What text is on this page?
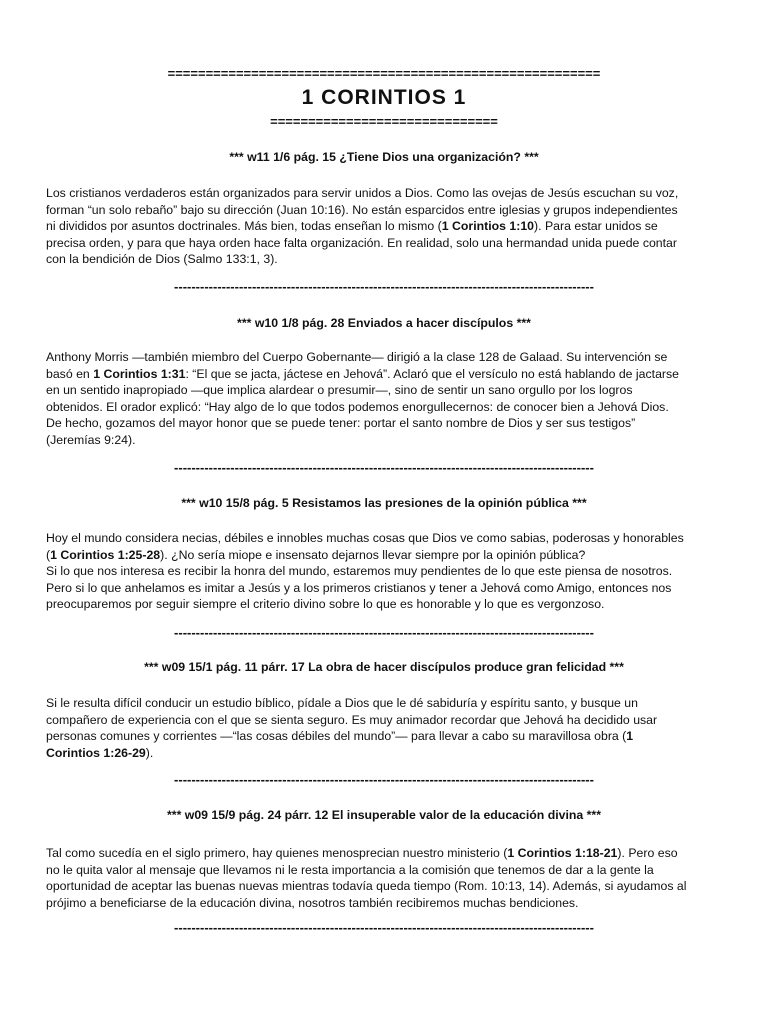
=========================================================
1 CORINTIOS 1
==============================
*** w11 1/6 pág. 15 ¿Tiene Dios una organización? ***
Los cristianos verdaderos están organizados para servir unidos a Dios. Como las ovejas de Jesús escuchan su voz,
forman “un solo rebaño” bajo su dirección (Juan 10:16). No están esparcidos entre iglesias y grupos independientes
ni divididos por asuntos doctrinales. Más bien, todas enseñan lo mismo (1 Corintios 1:10). Para estar unidos se
precisa orden, y para que haya orden hace falta organización. En realidad, solo una hermandad unida puede contar
con la bendición de Dios (Salmo 133:1, 3).
-------------------------------------------------------------------------------------------------
*** w10 1/8 pág. 28 Enviados a hacer discípulos ***
Anthony Morris —también miembro del Cuerpo Gobernante— dirigió a la clase 128 de Galaad. Su intervención se
basó en 1 Corintios 1:31: “El que se jacta, jáctese en Jehová”. Aclaró que el versículo no está hablando de jactarse
en un sentido inapropiado —que implica alardear o presumir—, sino de sentir un sano orgullo por los logros
obtenidos. El orador explicó: “Hay algo de lo que todos podemos enorgullecernos: de conocer bien a Jehová Dios.
De hecho, gozamos del mayor honor que se puede tener: portar el santo nombre de Dios y ser sus testigos”
(Jeremías 9:24).
-------------------------------------------------------------------------------------------------
*** w10 15/8 pág. 5 Resistamos las presiones de la opinión pública ***
Hoy el mundo considera necias, débiles e innobles muchas cosas que Dios ve como sabias, poderosas y honorables
(1 Corintios 1:25-28). ¿No sería miope e insensato dejarnos llevar siempre por la opinión pública?
Si lo que nos interesa es recibir la honra del mundo, estaremos muy pendientes de lo que este piensa de nosotros.
Pero si lo que anhelamos es imitar a Jesús y a los primeros cristianos y tener a Jehová como Amigo, entonces nos
preocuparemos por seguir siempre el criterio divino sobre lo que es honorable y lo que es vergonzoso.
-------------------------------------------------------------------------------------------------
*** w09 15/1 pág. 11 párr. 17 La obra de hacer discípulos produce gran felicidad ***
Si le resulta difícil conducir un estudio bíblico, pídale a Dios que le dé sabiduría y espíritu santo, y busque un
compañero de experiencia con el que se sienta seguro. Es muy animador recordar que Jehová ha decidido usar
personas comunes y corrientes —“las cosas débiles del mundo”— para llevar a cabo su maravillosa obra (1
Corintios 1:26-29).
-------------------------------------------------------------------------------------------------
*** w09 15/9 pág. 24 párr. 12 El insuperable valor de la educación divina ***
Tal como sucedía en el siglo primero, hay quienes menosprecian nuestro ministerio (1 Corintios 1:18-21). Pero eso
no le quita valor al mensaje que llevamos ni le resta importancia a la comisión que tenemos de dar a la gente la
oportunidad de aceptar las buenas nuevas mientras todavía queda tiempo (Rom. 10:13, 14). Además, si ayudamos al
prójimo a beneficiarse de la educación divina, nosotros también recibiremos muchas bendiciones.
-------------------------------------------------------------------------------------------------
